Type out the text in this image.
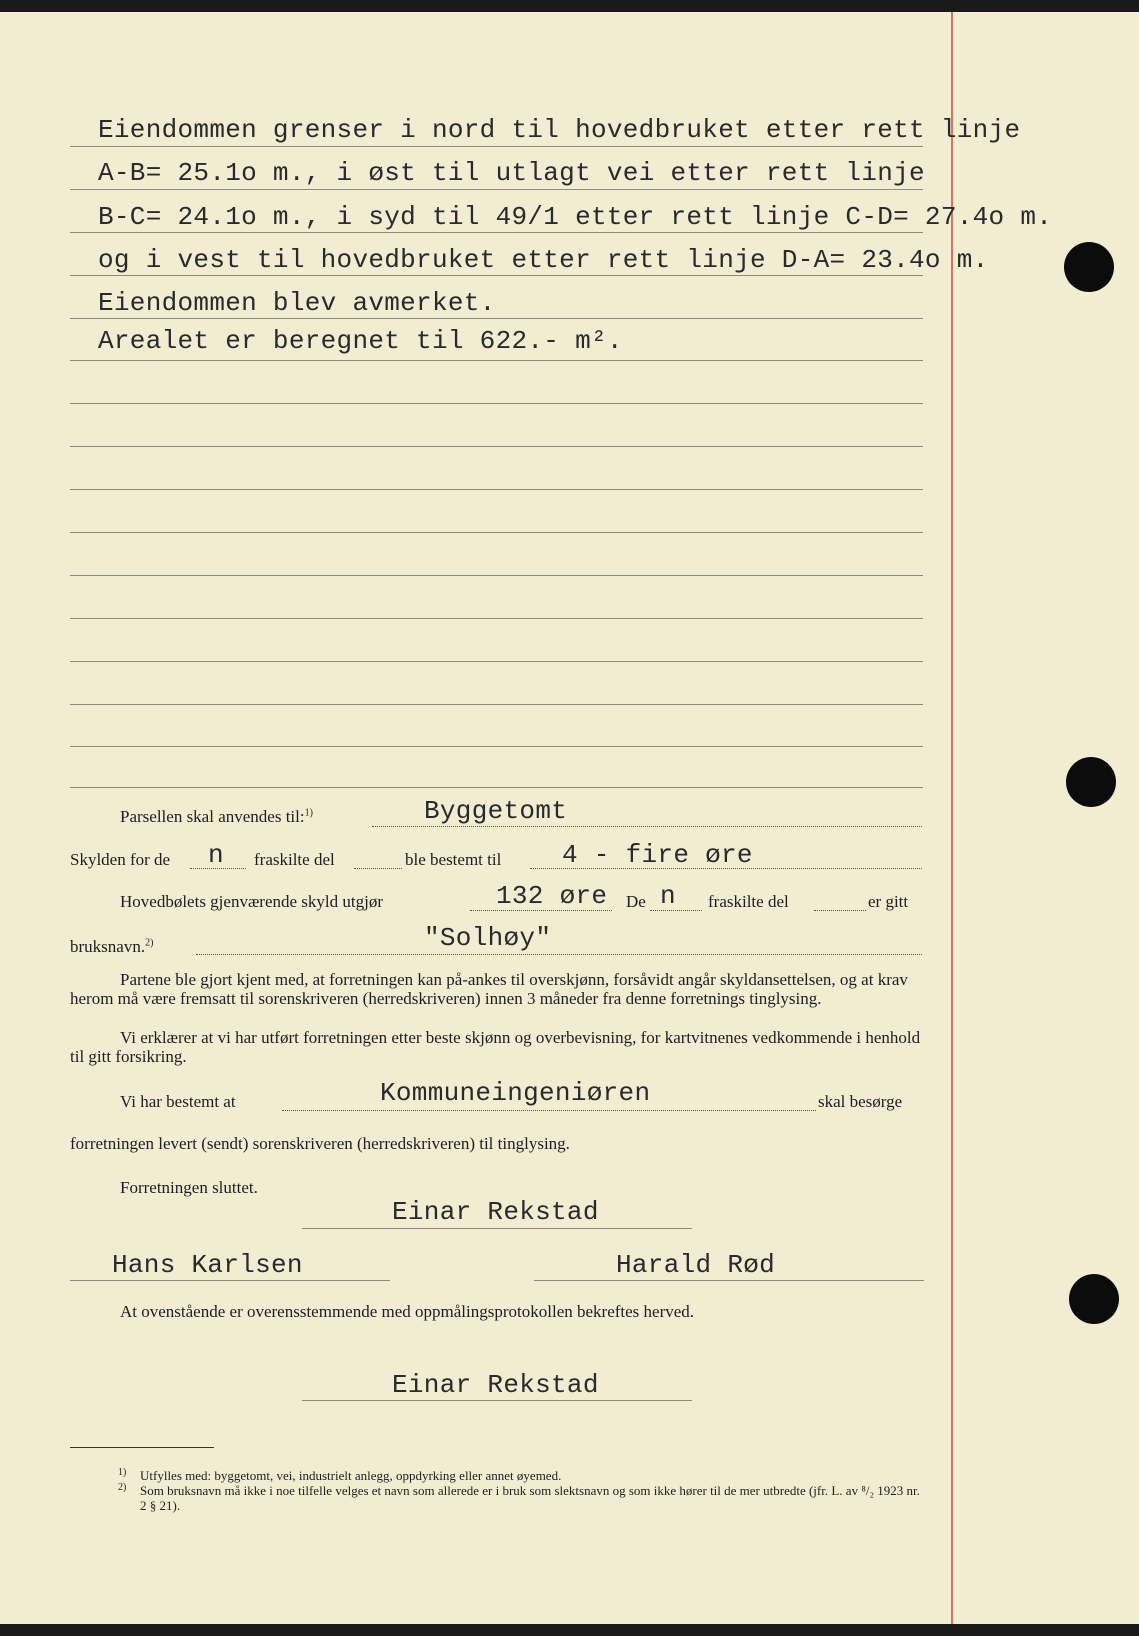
Eiendommen grenser i nord til hovedbruket etter rett linje
A-B= 25.1o m., i øst til utlagt vei etter rett linje
B-C= 24.1o m., i syd til 49/1 etter rett linje C-D= 27.4o m.
og i vest til hovedbruket etter rett linje D-A= 23.4o m.
Eiendommen blev avmerket.
Arealet er beregnet til 622.- m².
Parsellen skal anvendes til:$^{1)}$	Byggetomt
Skylden for de n fraskilte del	ble bestemt til 4 - fire øre
Hovedbølets gjenværende skyld utgjør	132 øre De n fraskilte del	er gitt
bruksnavn.$^{2)}$	"Solhøy"

Partene ble gjort kjent med, at forretningen kan på-ankes til overskjønn, forsåvidt angår skyldansettelsen, og at krav herom må være fremsatt til sorenskriveren (herredskriveren) innen 3 måneder fra denne forretnings tinglysing.

Vi erklærer at vi har utført forretningen etter beste skjønn og overbevisning, for kartvitnenes vedkommende i henhold til gitt forsikring.

Vi har bestemt at	Kommuneingeniøren	skal besørge
forretningen levert (sendt) sorenskriveren (herredskriveren) til tinglysing.
Forretningen sluttet.
Einar Rekstad
Hans Karlsen	Harald Rød
At ovenstående er overensstemmende med oppmålingsprotokollen bekreftes herved.
Einar Rekstad
1) Utfylles med: byggetomt, vei, industrielt anlegg, oppdyrking eller annet øyemed.
2) Som bruksnavn må ikke i noe tilfelle velges et navn som allerede er i bruk som slektsnavn og som ikke hører til de mer utbredte (jfr. L. av ⁸/₂ 1923 nr. 2 § 21).
